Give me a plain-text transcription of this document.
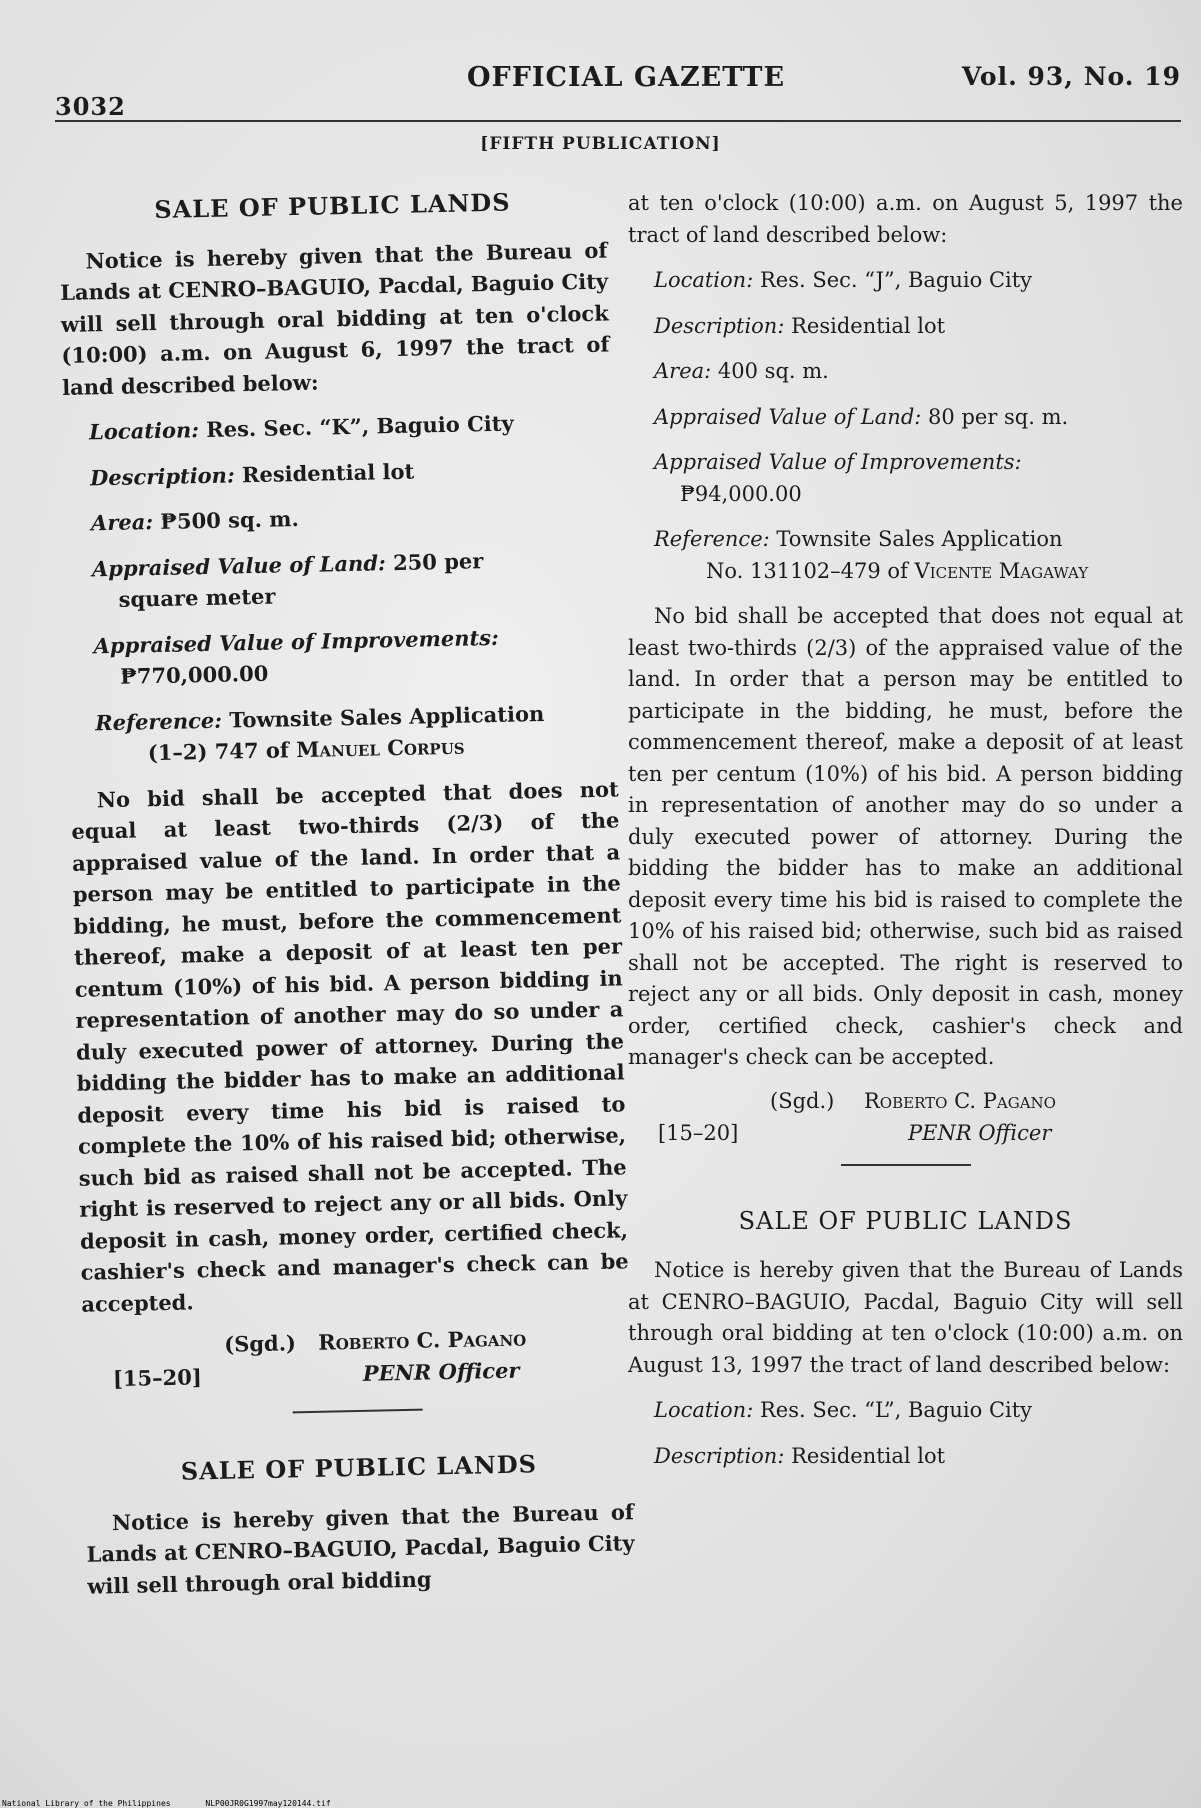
3032
OFFICIAL GAZETTE	Vol. 93, No. 19
[FIFTH PUBLICATION]
SALE OF PUBLIC LANDS

Notice is hereby given that the Bureau of Lands at CENRO–BAGUIO, Pacdal, Baguio City will sell through oral bidding at ten o'clock (10:00) a.m. on August 6, 1997 the tract of land described below:

Location: Res. Sec. “K”, Baguio City

Description: Residential lot

Area: ₱500 sq. m.

Appraised Value of Land: 250 per
square meter

Appraised Value of Improvements:
₱770,000.00

Reference: Townsite Sales Application
(1–2) 747 of Manuel Corpus

No bid shall be accepted that does not equal at least two-thirds (2/3) of the appraised value of the land. In order that a person may be entitled to participate in the bidding, he must, before the commencement thereof, make a deposit of at least ten per centum (10%) of his bid. A person bidding in representation of another may do so under a duly executed power of attorney. During the bidding the bidder has to make an additional deposit every time his bid is raised to complete the 10% of his raised bid; otherwise, such bid as raised shall not be accepted. The right is reserved to reject any or all bids. Only deposit in cash, money order, certified check, cashier's check and manager's check can be accepted.

(Sgd.) Roberto C. Pagano
[15–20]	PENR Officer
SALE OF PUBLIC LANDS

Notice is hereby given that the Bureau of Lands at CENRO–BAGUIO, Pacdal, Baguio City will sell through oral bidding

at ten o'clock (10:00) a.m. on August 5, 1997 the tract of land described below:

Location: Res. Sec. “J”, Baguio City

Description: Residential lot

Area: 400 sq. m.

Appraised Value of Land: 80 per sq. m.

Appraised Value of Improvements:
₱94,000.00

Reference: Townsite Sales Application
No. 131102–479 of Vicente Magaway

No bid shall be accepted that does not equal at least two-thirds (2/3) of the appraised value of the land. In order that a person may be entitled to participate in the bidding, he must, before the commencement thereof, make a deposit of at least ten per centum (10%) of his bid. A person bidding in representation of another may do so under a duly executed power of attorney. During the bidding the bidder has to make an additional deposit every time his bid is raised to complete the 10% of his raised bid; otherwise, such bid as raised shall not be accepted. The right is reserved to reject any or all bids. Only deposit in cash, money order, certified check, cashier's check and manager's check can be accepted.

(Sgd.) Roberto C. Pagano
[15–20]	PENR Officer
SALE OF PUBLIC LANDS

Notice is hereby given that the Bureau of Lands at CENRO–BAGUIO, Pacdal, Baguio City will sell through oral bidding at ten o'clock (10:00) a.m. on August 13, 1997 the tract of land described below:

Location: Res. Sec. “L”, Baguio City

Description: Residential lot

National Library of the Philippines	NLP00JR0G1997may120144.tif
